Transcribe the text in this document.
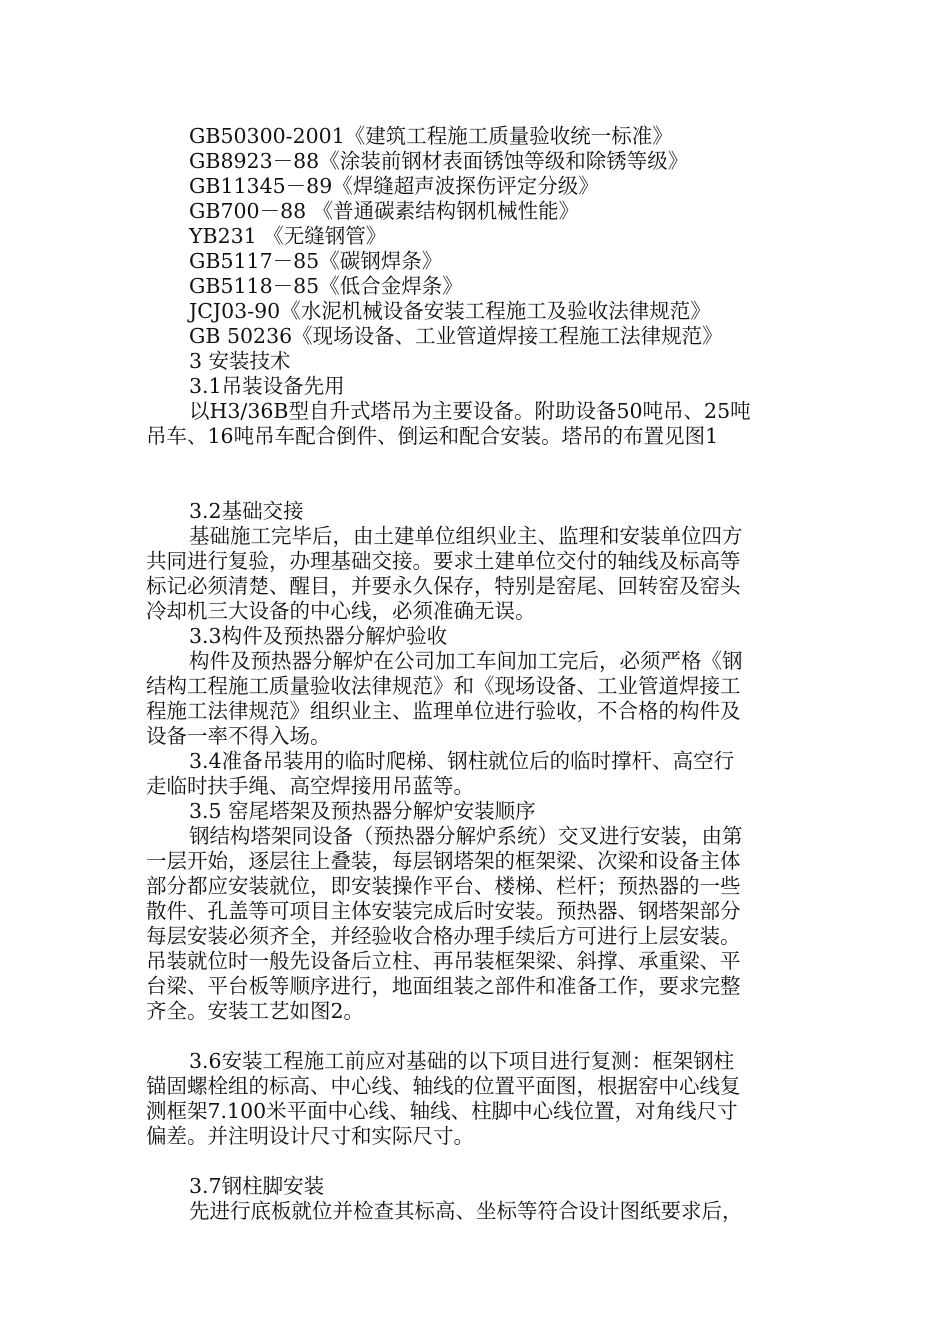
GB50300-2001《建筑工程施工质量验收统一标准》
GB8923－88《涂装前钢材表面锈蚀等级和除锈等级》
GB11345－89《焊缝超声波探伤评定分级》
GB700－88 《普通碳素结构钢机械性能》
YB231 《无缝钢管》
GB5117－85《碳钢焊条》
GB5118－85《低合金焊条》
JCJ03-90《水泥机械设备安装工程施工及验收法律规范》
GB 50236《现场设备、工业管道焊接工程施工法律规范》
3 安装技术
3.1吊装设备先用
以H3/36B型自升式塔吊为主要设备。附助设备50吨吊、25吨
吊车、16吨吊车配合倒件、倒运和配合安装。塔吊的布置见图1
3.2基础交接
基础施工完毕后，由土建单位组织业主、监理和安装单位四方
共同进行复验，办理基础交接。要求土建单位交付的轴线及标高等
标记必须清楚、醒目，并要永久保存，特别是窑尾、回转窑及窑头
冷却机三大设备的中心线，必须准确无误。
3.3构件及预热器分解炉验收
构件及预热器分解炉在公司加工车间加工完后，必须严格《钢
结构工程施工质量验收法律规范》和《现场设备、工业管道焊接工
程施工法律规范》组织业主、监理单位进行验收，不合格的构件及
设备一率不得入场。
3.4准备吊装用的临时爬梯、钢柱就位后的临时撑杆、高空行
走临时扶手绳、高空焊接用吊蓝等。
3.5 窑尾塔架及预热器分解炉安装顺序
钢结构塔架同设备（预热器分解炉系统）交叉进行安装，由第
一层开始，逐层往上叠装，每层钢塔架的框架梁、次梁和设备主体
部分都应安装就位，即安装操作平台、楼梯、栏杆；预热器的一些
散件、孔盖等可项目主体安装完成后时安装。预热器、钢塔架部分
每层安装必须齐全，并经验收合格办理手续后方可进行上层安装。
吊装就位时一般先设备后立柱、再吊装框架梁、斜撑、承重梁、平
台梁、平台板等顺序进行，地面组装之部件和准备工作，要求完整
齐全。安装工艺如图2。
3.6安装工程施工前应对基础的以下项目进行复测：框架钢柱
锚固螺栓组的标高、中心线、轴线的位置平面图，根据窑中心线复
测框架7.100米平面中心线、轴线、柱脚中心线位置，对角线尺寸
偏差。并注明设计尺寸和实际尺寸。
3.7钢柱脚安装
先进行底板就位并检查其标高、坐标等符合设计图纸要求后，
